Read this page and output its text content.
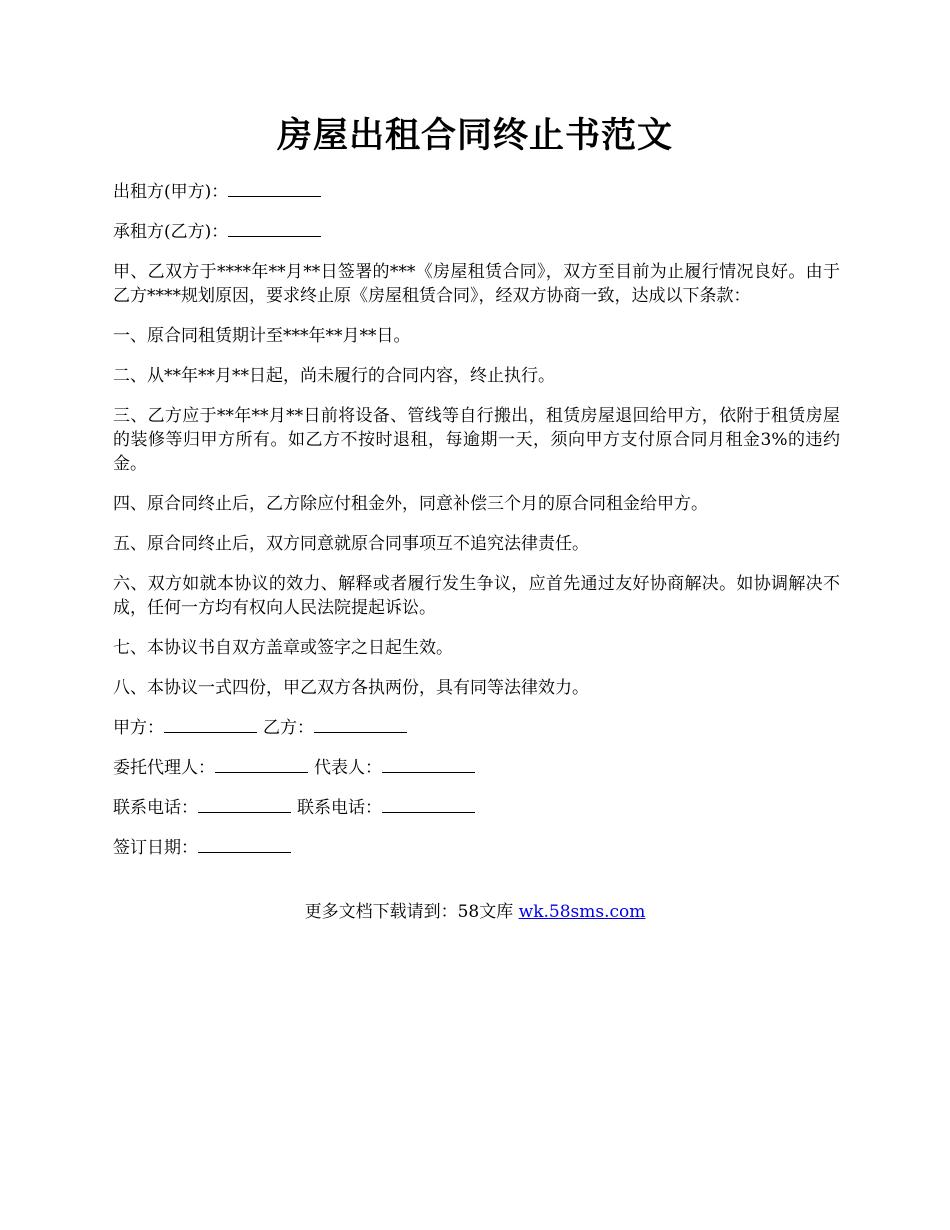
房屋出租合同终止书范文

出租方(甲方)：

承租方(乙方)：

甲、乙双方于****年**月**日签署的***《房屋租赁合同》，双方至目前为止履行情况良好。由于乙方****规划原因，要求终止原《房屋租赁合同》，经双方协商一致，达成以下条款：

一、原合同租赁期计至***年**月**日。

二、从**年**月**日起，尚未履行的合同内容，终止执行。

三、乙方应于**年**月**日前将设备、管线等自行搬出，租赁房屋退回给甲方，依附于租赁房屋的装修等归甲方所有。如乙方不按时退租，每逾期一天，须向甲方支付原合同月租金3%的违约金。

四、原合同终止后，乙方除应付租金外，同意补偿三个月的原合同租金给甲方。

五、原合同终止后，双方同意就原合同事项互不追究法律责任。

六、双方如就本协议的效力、解释或者履行发生争议，应首先通过友好协商解决。如协调解决不成，任何一方均有权向人民法院提起诉讼。

七、本协议书自双方盖章或签字之日起生效。

八、本协议一式四份，甲乙双方各执两份，具有同等法律效力。

甲方：	乙方：

委托代理人：	代表人：

联系电话：	联系电话：

签订日期：

更多文档下载请到：58文库 wk.58sms.com
